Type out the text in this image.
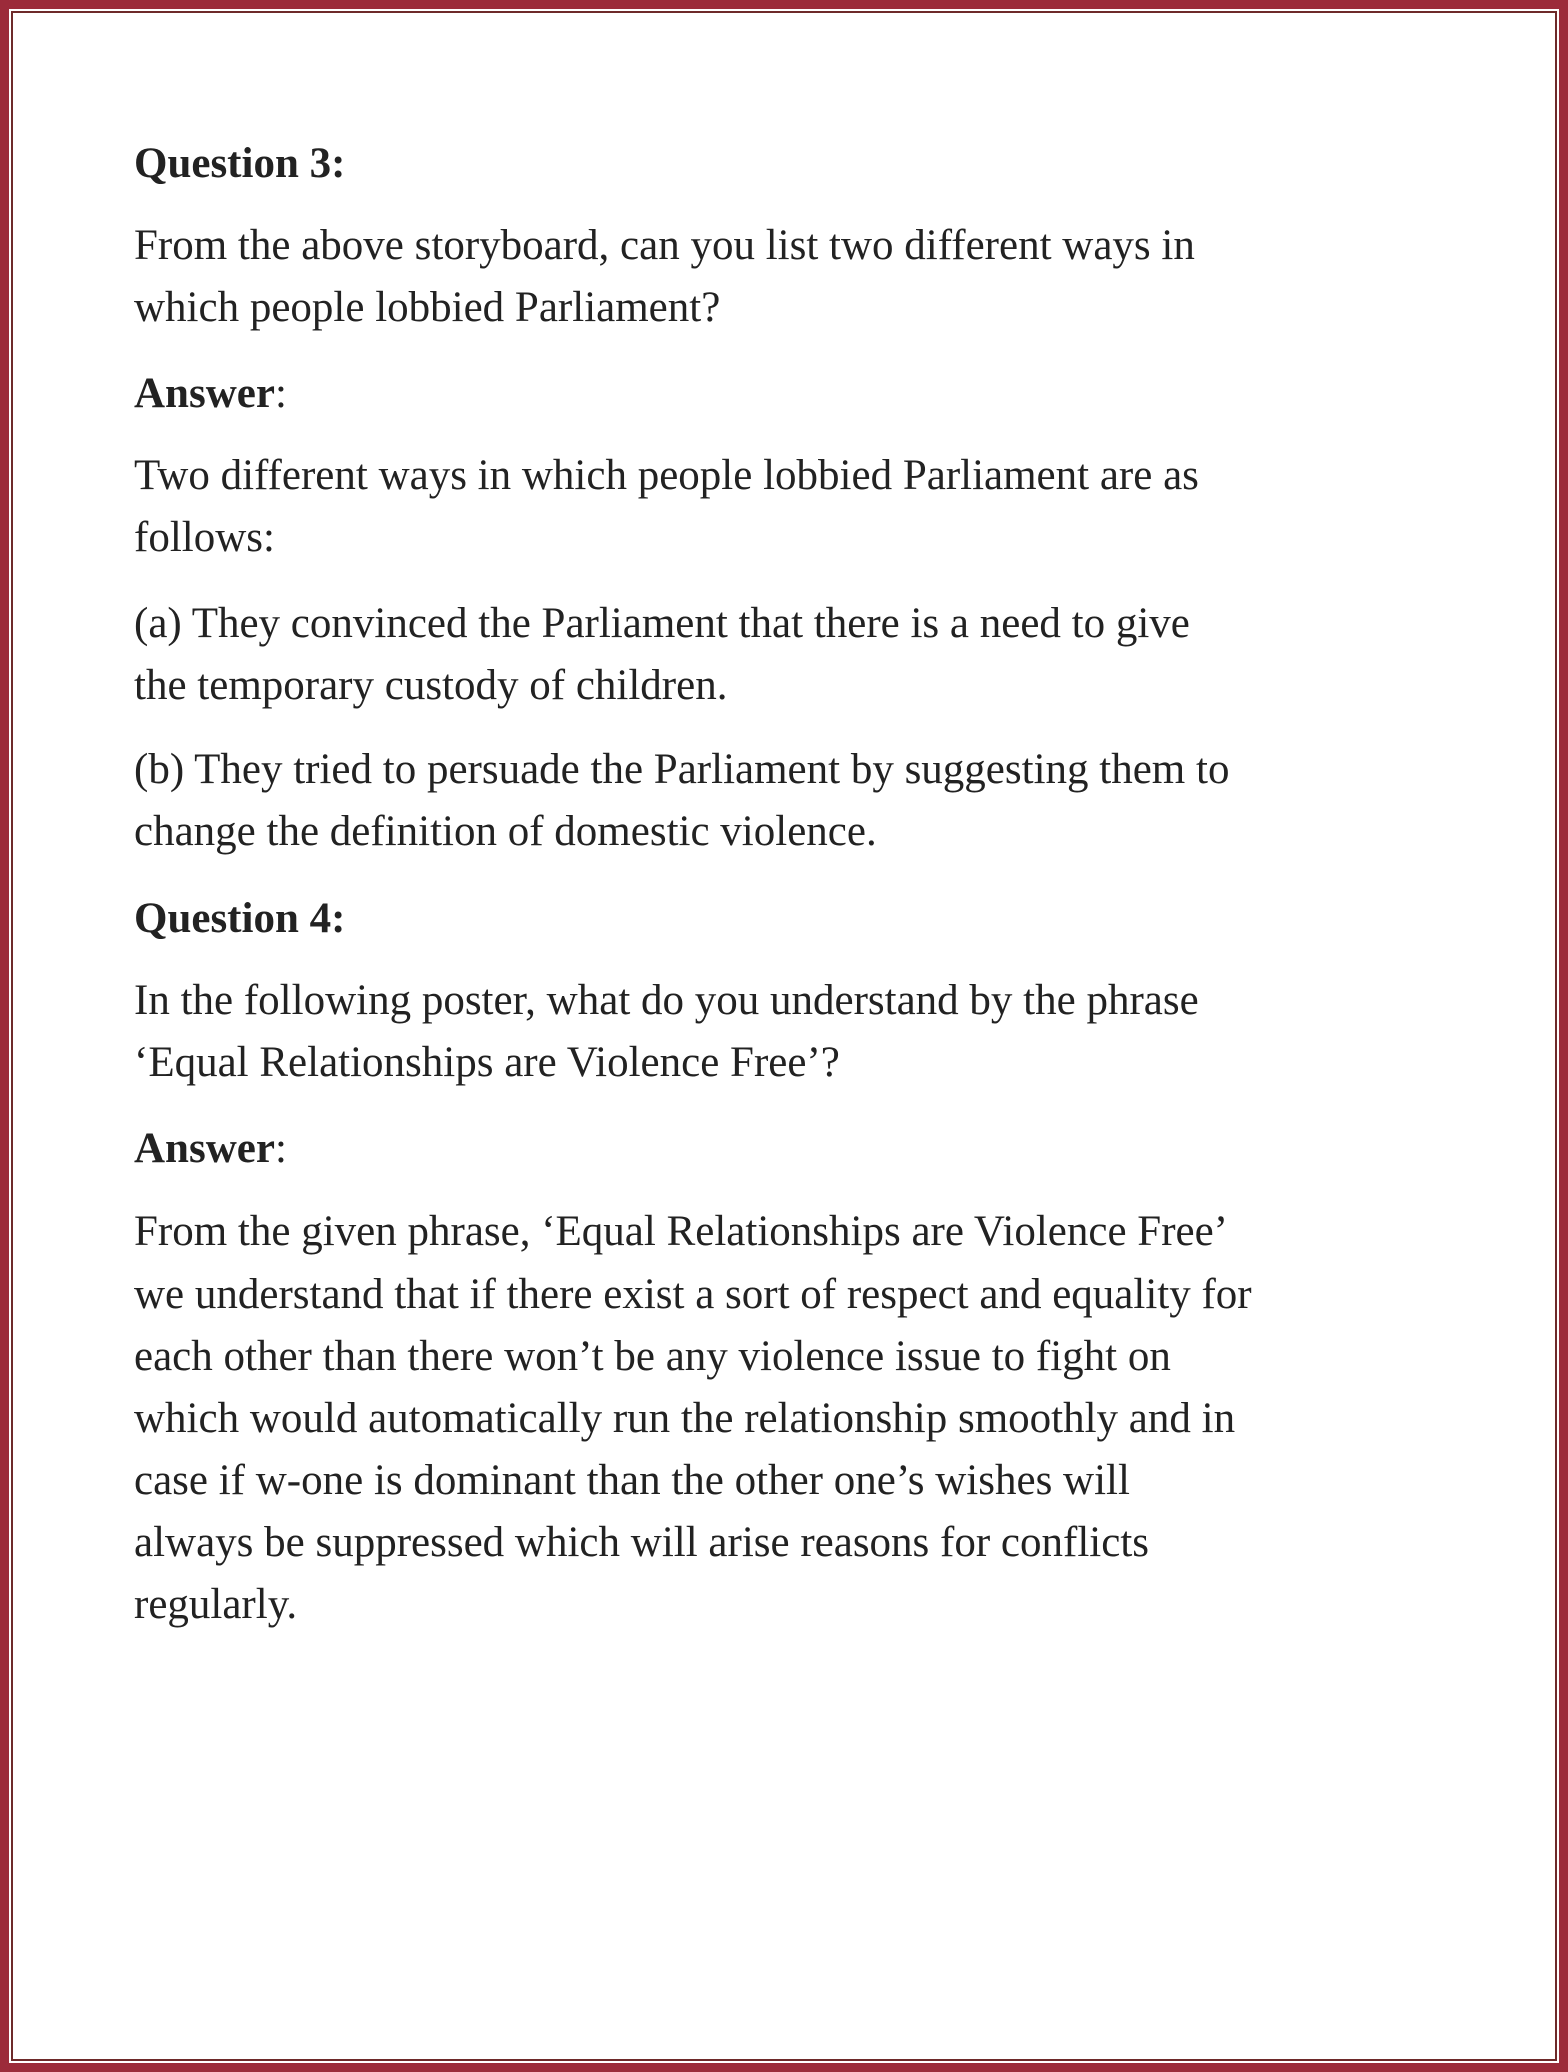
Question 3:
From the above storyboard, can you list two different ways in
which people lobbied Parliament?
Answer:
Two different ways in which people lobbied Parliament are as
follows:
(a) They convinced the Parliament that there is a need to give
the temporary custody of children.
(b) They tried to persuade the Parliament by suggesting them to
change the definition of domestic violence.
Question 4:
In the following poster, what do you understand by the phrase
‘Equal Relationships are Violence Free’?
Answer:
From the given phrase, ‘Equal Relationships are Violence Free’
we understand that if there exist a sort of respect and equality for
each other than there won’t be any violence issue to fight on
which would automatically run the relationship smoothly and in
case if w-one is dominant than the other one’s wishes will
always be suppressed which will arise reasons for conflicts
regularly.
